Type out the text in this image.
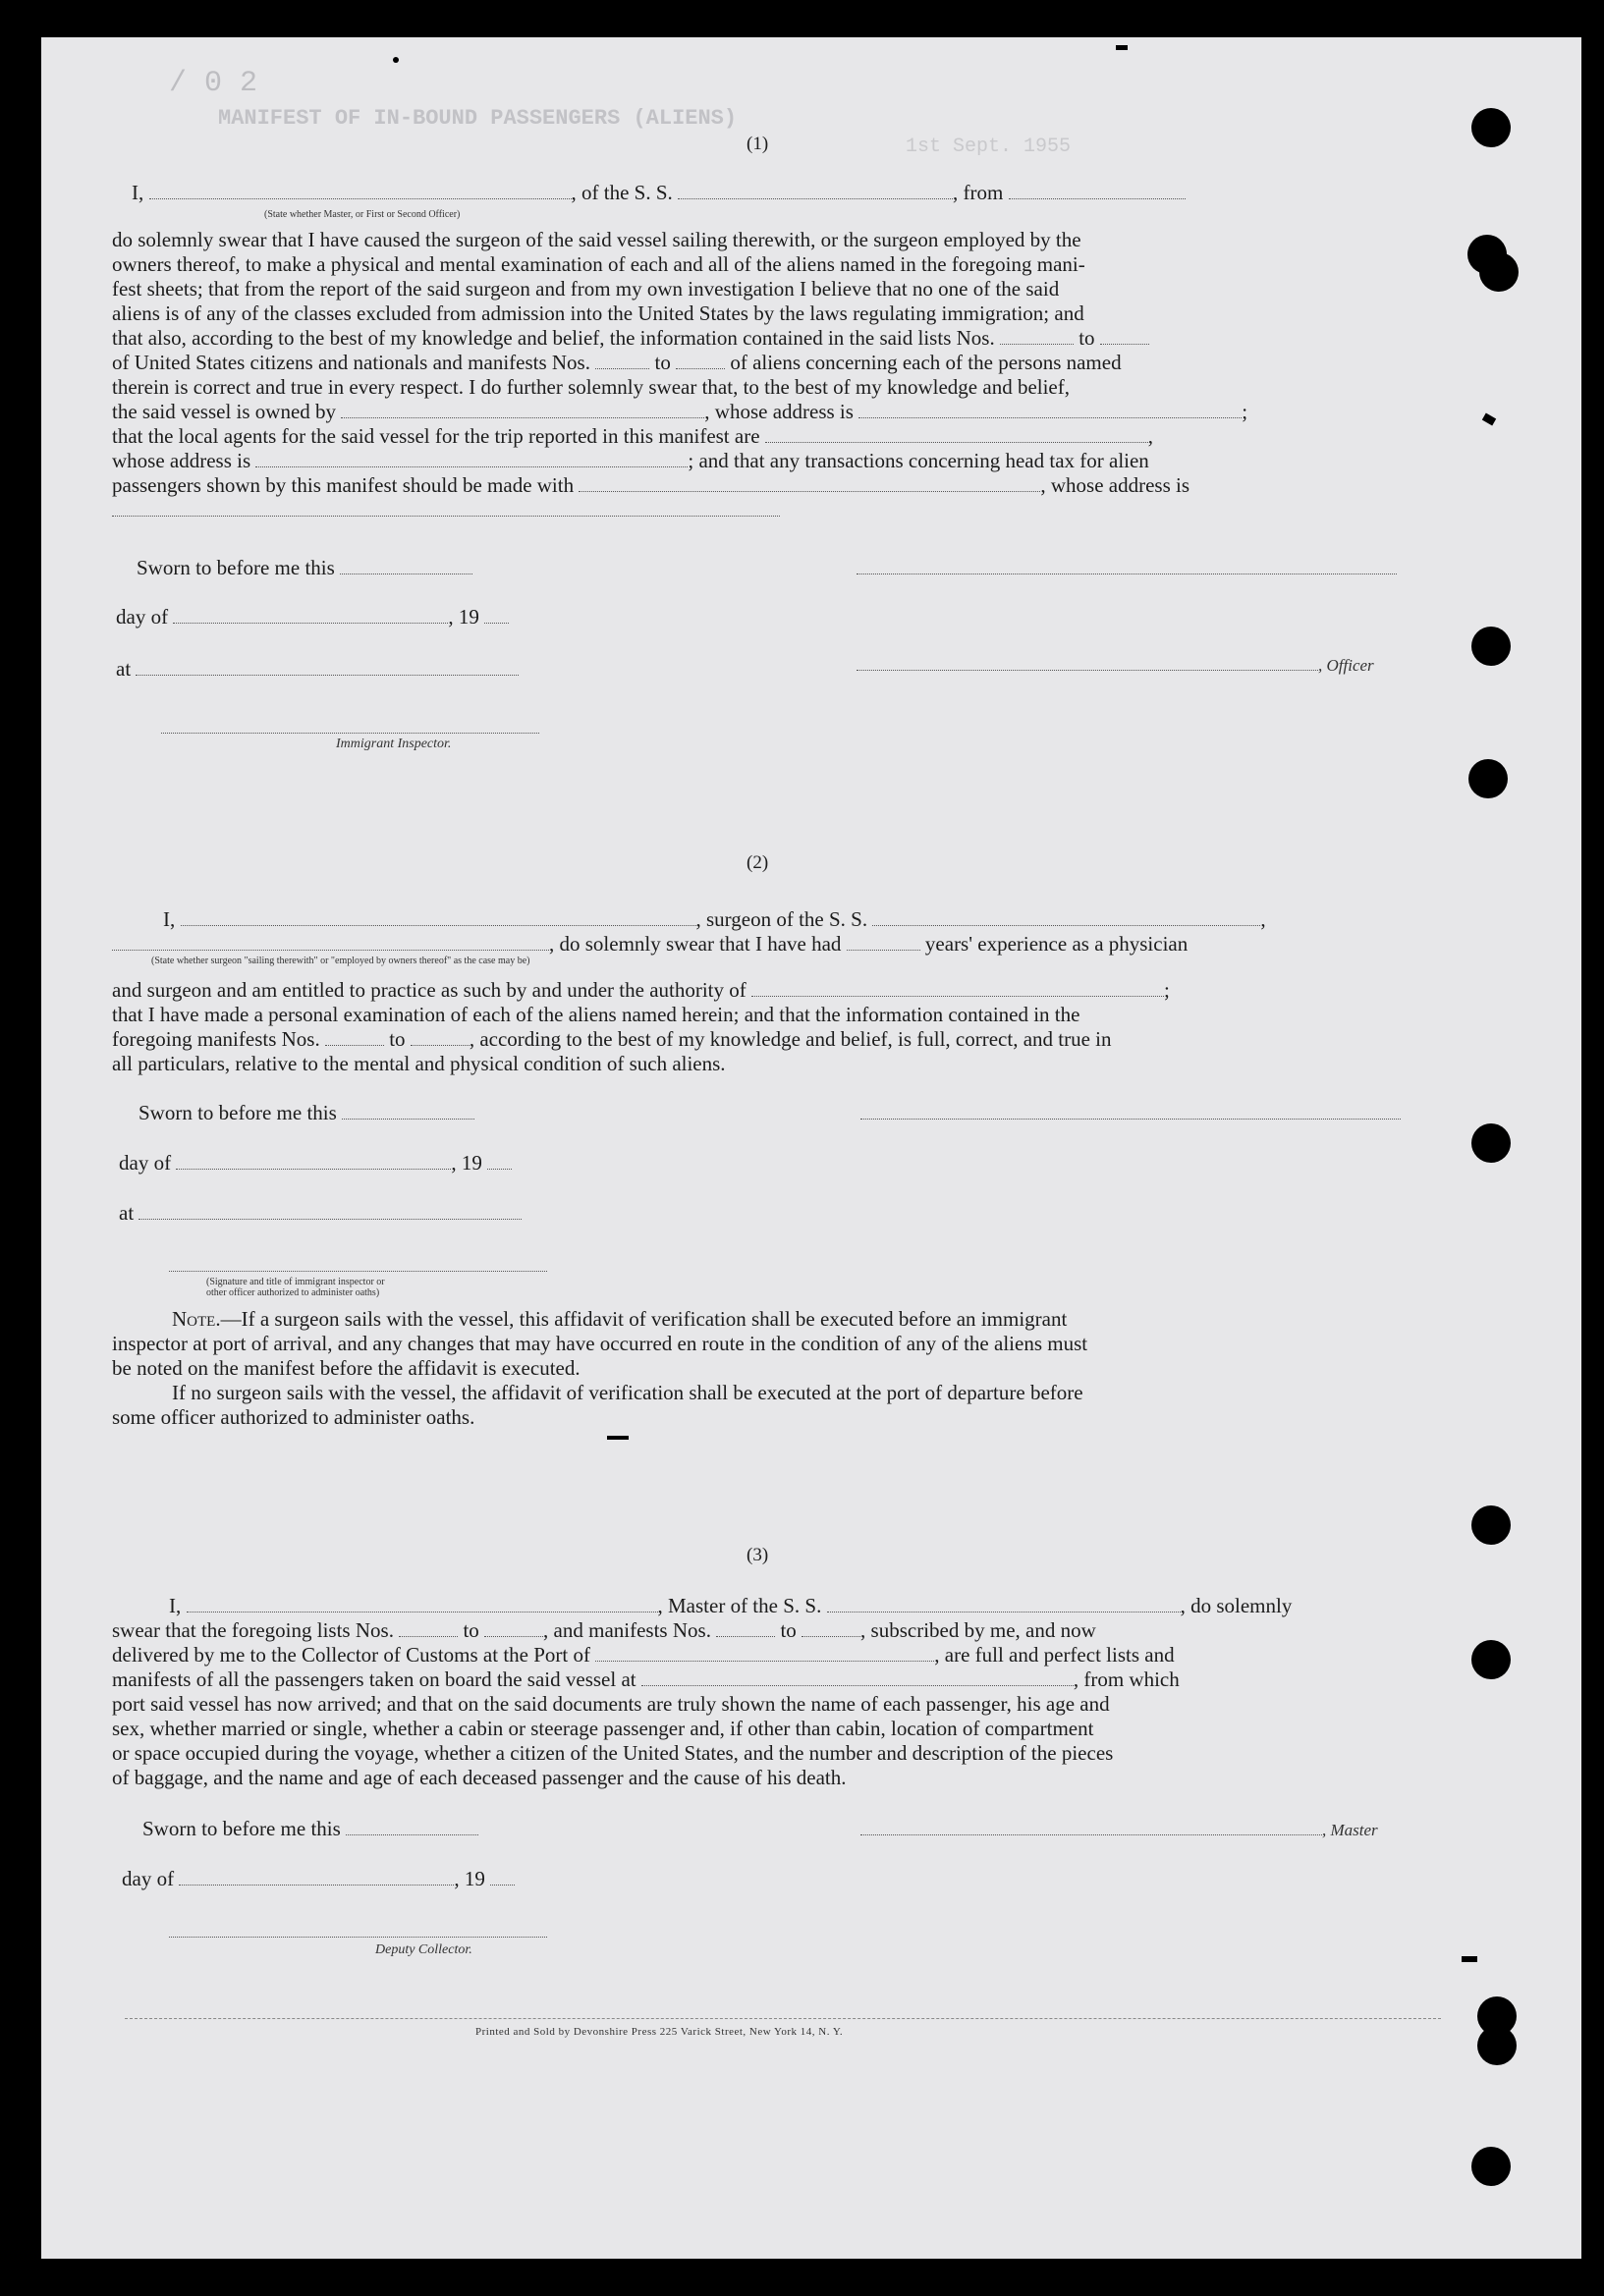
MANIFEST OF IN-BOUND PASSENGERS (ALIENS)
1st Sept. 1955
/ 0 2
(1)
I,	, of the S. S.	, from
(State whether Master, or First or Second Officer)
do solemnly swear that I have caused the surgeon of the said vessel sailing therewith, or the surgeon employed by the
owners thereof, to make a physical and mental examination of each and all of the aliens named in the foregoing mani-
fest sheets; that from the report of the said surgeon and from my own investigation I believe that no one of the said
aliens is of any of the classes excluded from admission into the United States by the laws regulating immigration; and
that also, according to the best of my knowledge and belief, the information contained in the said lists Nos.	to
of United States citizens and nationals and manifests Nos.	to	of aliens concerning each of the persons named
therein is correct and true in every respect. I do further solemnly swear that, to the best of my knowledge and belief,
the said vessel is owned by	, whose address is	;
that the local agents for the said vessel for the trip reported in this manifest are	,
whose address is	; and that any transactions concerning head tax for alien
passengers shown by this manifest should be made with	, whose address is
Sworn to before me this
day of	, 19
at	, Officer
Immigrant Inspector.
(2)
I,	, surgeon of the S. S.	,
, do solemnly swear that I have had	years' experience as a physician
(State whether surgeon "sailing therewith" or "employed by owners thereof" as the case may be)
and surgeon and am entitled to practice as such by and under the authority of	;
that I have made a personal examination of each of the aliens named herein; and that the information contained in the
foregoing manifests Nos.	to	, according to the best of my knowledge and belief, is full, correct, and true in
all particulars, relative to the mental and physical condition of such aliens.
Sworn to before me this
day of	, 19
at
(Signature and title of immigrant inspector or
other officer authorized to administer oaths)
Note.—If a surgeon sails with the vessel, this affidavit of verification shall be executed before an immigrant
inspector at port of arrival, and any changes that may have occurred en route in the condition of any of the aliens must
be noted on the manifest before the affidavit is executed.
If no surgeon sails with the vessel, the affidavit of verification shall be executed at the port of departure before
some officer authorized to administer oaths.
(3)
I,	, Master of the S. S.	, do solemnly
swear that the foregoing lists Nos.	to	, and manifests Nos.	to	, subscribed by me, and now
delivered by me to the Collector of Customs at the Port of	, are full and perfect lists and
manifests of all the passengers taken on board the said vessel at	, from which
port said vessel has now arrived; and that on the said documents are truly shown the name of each passenger, his age and
sex, whether married or single, whether a cabin or steerage passenger and, if other than cabin, location of compartment
or space occupied during the voyage, whether a citizen of the United States, and the number and description of the pieces
of baggage, and the name and age of each deceased passenger and the cause of his death.
Sworn to before me this	, Master
day of	, 19
Deputy Collector.
Printed and Sold by Devonshire Press 225 Varick Street, New York 14, N. Y.
